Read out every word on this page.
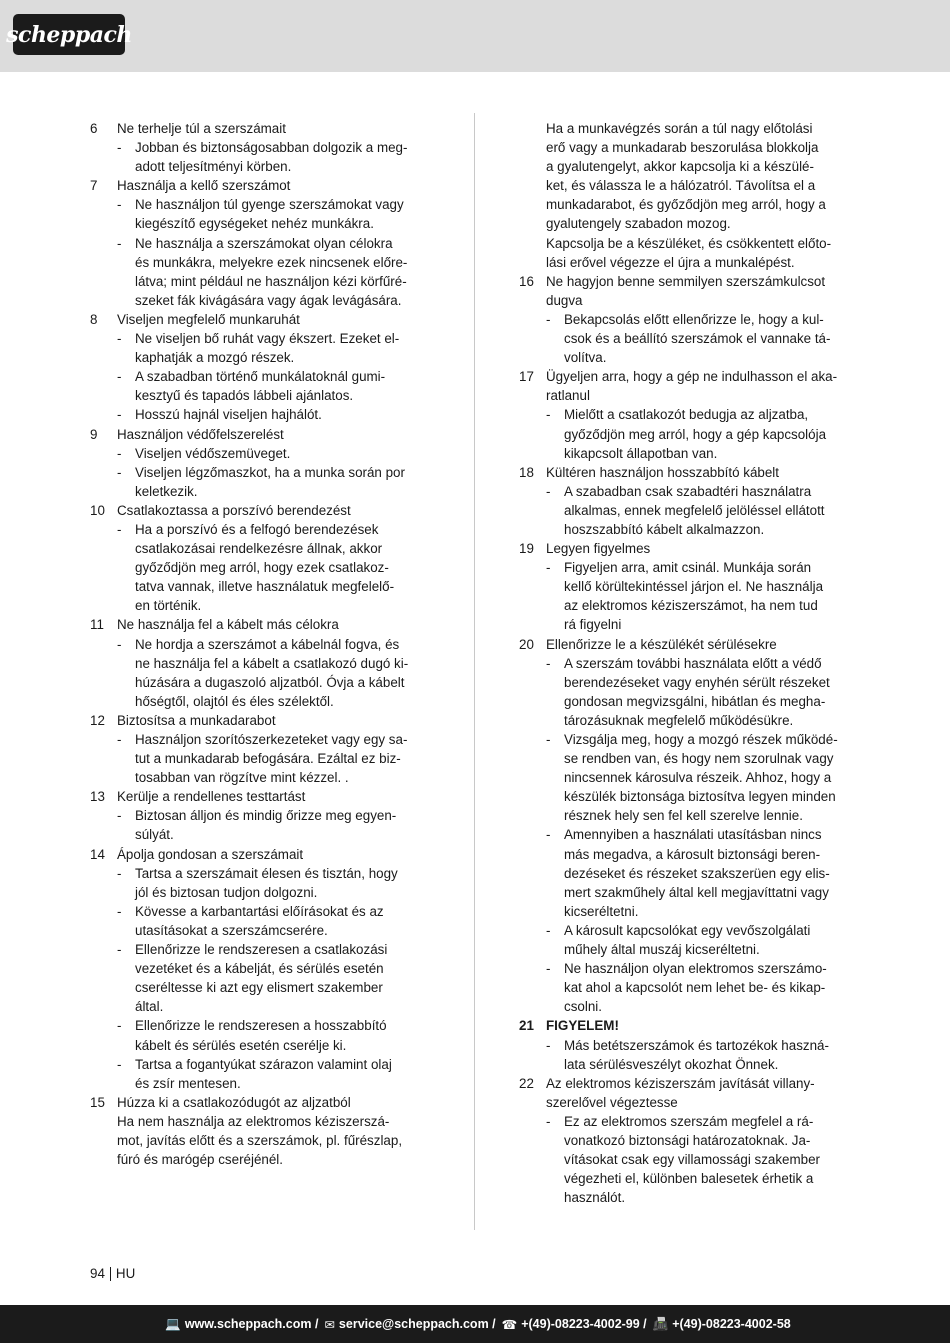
scheppach
6	Ne terhelje túl a szerszámait
-	Jobban és biztonságosabban dolgozik a meg-
adott teljesítményi körben.
7	Használja a kellő szerszámot
-	Ne használjon túl gyenge szerszámokat vagy
kiegészítő egységeket nehéz munkákra.
-	Ne használja a szerszámokat olyan célokra
és munkákra, melyekre ezek nincsenek előre-
látva; mint például ne használjon kézi körfűré-
szeket fák kivágására vagy ágak levágására.
8	Viseljen megfelelő munkaruhát
-	Ne viseljen bő ruhát vagy ékszert. Ezeket el-
kaphatják a mozgó részek.
-	A szabadban történő munkálatoknál gumi-
kesztyű és tapadós lábbeli ajánlatos.
-	Hosszú hajnál viseljen hajhálót.
9	Használjon védőfelszerelést
-	Viseljen védőszemüveget.
-	Viseljen légzőmaszkot, ha a munka során por
keletkezik.
10 Csatlakoztassa a porszívó berendezést
-	Ha a porszívó és a felfogó berendezések
csatlakozásai rendelkezésre állnak, akkor
győződjön meg arról, hogy ezek csatlakoz-
tatva vannak, illetve használatuk megfelelő-
en történik.
11 Ne használja fel a kábelt más célokra
-	Ne hordja a szerszámot a kábelnál fogva, és
ne használja fel a kábelt a csatlakozó dugó ki-
húzására a dugaszoló aljzatból. Óvja a kábelt
hőségtől, olajtól és éles szélektől.
12 Biztosítsa a munkadarabot
-	Használjon szorítószerkezeteket vagy egy sa-
tut a munkadarab befogására. Ezáltal ez biz-
tosabban van rögzítve mint kézzel. .
13 Kerülje a rendellenes testtartást
-	Biztosan álljon és mindig őrizze meg egyen-
súlyát.
14 Ápolja gondosan a szerszámait
-	Tartsa a szerszámait élesen és tisztán, hogy
jól és biztosan tudjon dolgozni.
-	Kövesse a karbantartási előírásokat és az
utasításokat a szerszámcserére.
-	Ellenőrizze le rendszeresen a csatlakozási
vezetéket és a kábelját, és sérülés esetén
cseréltesse ki azt egy elismert szakember
által.
-	Ellenőrizze le rendszeresen a hosszabbító
kábelt és sérülés esetén cserélje ki.
-	Tartsa a fogantyúkat szárazon valamint olaj
és zsír mentesen.
15 Húzza ki a csatlakozódugót az aljzatból
Ha nem használja az elektromos kéziszerszá-
mot, javítás előtt és a szerszámok, pl. fűrészlap,
fúró és marógép cseréjénél.
Ha a munkavégzés során a túl nagy előtolási
erő vagy a munkadarab beszorulása blokkolja
a gyalutengelyt, akkor kapcsolja ki a készülé-
ket, és válassza le a hálózatról. Távolítsa el a
munkadarabot, és győződjön meg arról, hogy a
gyalutengely szabadon mozog.
Kapcsolja be a készüléket, és csökkentett előto-
lási erővel végezze el újra a munkalépést.
16 Ne hagyjon benne semmilyen szerszámkulcsot
dugva
-	Bekapcsolás előtt ellenőrizze le, hogy a kul-
csok és a beállító szerszámok el vannake tá-
volítva.
17 Ügyeljen arra, hogy a gép ne indulhasson el aka-
ratlanul
-	Mielőtt a csatlakozót bedugja az aljzatba,
győződjön meg arról, hogy a gép kapcsolója
kikapcsolt állapotban van.
18 Kültéren használjon hosszabbító kábelt
-	A szabadban csak szabadtéri használatra
alkalmas, ennek megfelelő jelöléssel ellátott
hoszszabbító kábelt alkalmazzon.
19 Legyen figyelmes
-	Figyeljen arra, amit csinál. Munkája során
kellő körültekintéssel járjon el. Ne használja
az elektromos kéziszerszámot, ha nem tud
rá figyelni
20 Ellenőrizze le a készülékét sérülésekre
-	A szerszám további használata előtt a védő
berendezéseket vagy enyhén sérült részeket
gondosan megvizsgálni, hibátlan és megha-
tározásuknak megfelelő működésükre.
-	Vizsgálja meg, hogy a mozgó részek működé-
se rendben van, és hogy nem szorulnak vagy
nincsennek károsulva részeik. Ahhoz, hogy a
készülék biztonsága biztosítva legyen minden
résznek hely sen fel kell szerelve lennie.
-	Amennyiben a használati utasításban nincs
más megadva, a károsult biztonsági beren-
dezéseket és részeket szakszerüen egy elis-
mert szakműhely által kell megjavíttatni vagy
kicseréltetni.
-	A károsult kapcsolókat egy vevőszolgálati
műhely által muszáj kicseréltetni.
-	Ne használjon olyan elektromos szerszámo-
kat ahol a kapcsolót nem lehet be- és kikap-
csolni.
21 FIGYELEM!
-	Más betétszerszámok és tartozékok haszná-
lata sérülésveszélyt okozhat Önnek.
22 Az elektromos kéziszerszám javítását villany-
szerelővel végeztesse
-	Ez az elektromos szerszám megfelel a rá-
vonatkozó biztonsági határozatoknak. Ja-
vításokat csak egy villamossági szakember
végezheti el, különben balesetek érhetik a
használót.
94 HU
💻 www.scheppach.com / ✉ service@scheppach.com / ☎ +(49)-08223-4002-99 / 📠 +(49)-08223-4002-58
